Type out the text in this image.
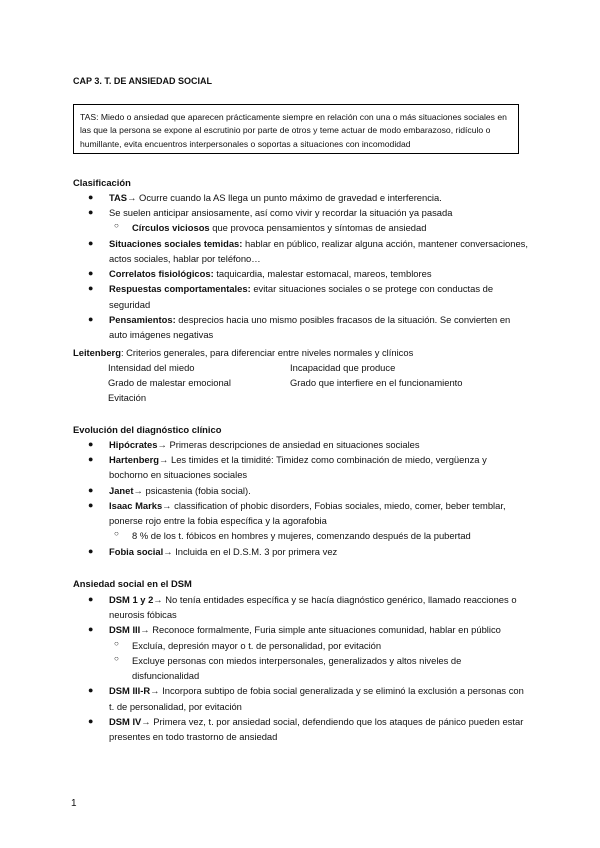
CAP 3. T. DE ANSIEDAD SOCIAL
TAS: Miedo o ansiedad que aparecen prácticamente siempre en relación con una o más situaciones sociales en las que la persona se expone al escrutinio por parte de otros y teme actuar de modo embarazoso, ridículo o humillante, evita encuentros interpersonales o soportas a situaciones con incomodidad
Clasificación
● TAS→ Ocurre cuando la AS llega un punto máximo de gravedad e interferencia.
● Se suelen anticipar ansiosamente, así como vivir y recordar la situación ya pasada
○ Círculos viciosos que provoca pensamientos y síntomas de ansiedad
● Situaciones sociales temidas: hablar en público, realizar alguna acción, mantener conversaciones, actos sociales, hablar por teléfono…
● Correlatos fisiológicos: taquicardia, malestar estomacal, mareos, temblores
● Respuestas comportamentales: evitar situaciones sociales o se protege con conductas de seguridad
● Pensamientos: desprecios hacia uno mismo posibles fracasos de la situación. Se convierten en auto imágenes negativas
Leitenberg: Criterios generales, para diferenciar entre niveles normales y clínicos
Intensidad del miedo	Incapacidad que produce
Grado de malestar emocional	Grado que interfiere en el funcionamiento
Evitación
Evolución del diagnóstico clínico
● Hipócrates→ Primeras descripciones de ansiedad en situaciones sociales
● Hartenberg→ Les timides et la timidité: Timidez como combinación de miedo, vergüenza y bochorno en situaciones sociales
● Janet→ psicastenia (fobia social).
● Isaac Marks→ classification of phobic disorders, Fobias sociales, miedo, comer, beber temblar, ponerse rojo entre la fobia específica y la agorafobia
○ 8 % de los t. fóbicos en hombres y mujeres, comenzando después de la pubertad
● Fobia social→ Incluida en el D.S.M. 3 por primera vez
Ansiedad social en el DSM
● DSM 1 y 2→ No tenía entidades específica y se hacía diagnóstico genérico, llamado reacciones o neurosis fóbicas
● DSM III→ Reconoce formalmente, Furia simple ante situaciones comunidad, hablar en público
○ Excluía, depresión mayor o t. de personalidad, por evitación
○ Excluye personas con miedos interpersonales, generalizados y altos niveles de disfuncionalidad
● DSM III-R→ Incorpora subtipo de fobia social generalizada y se eliminó la exclusión a personas con t. de personalidad, por evitación
● DSM IV→ Primera vez, t. por ansiedad social, defendiendo que los ataques de pánico pueden estar presentes en todo trastorno de ansiedad
1
